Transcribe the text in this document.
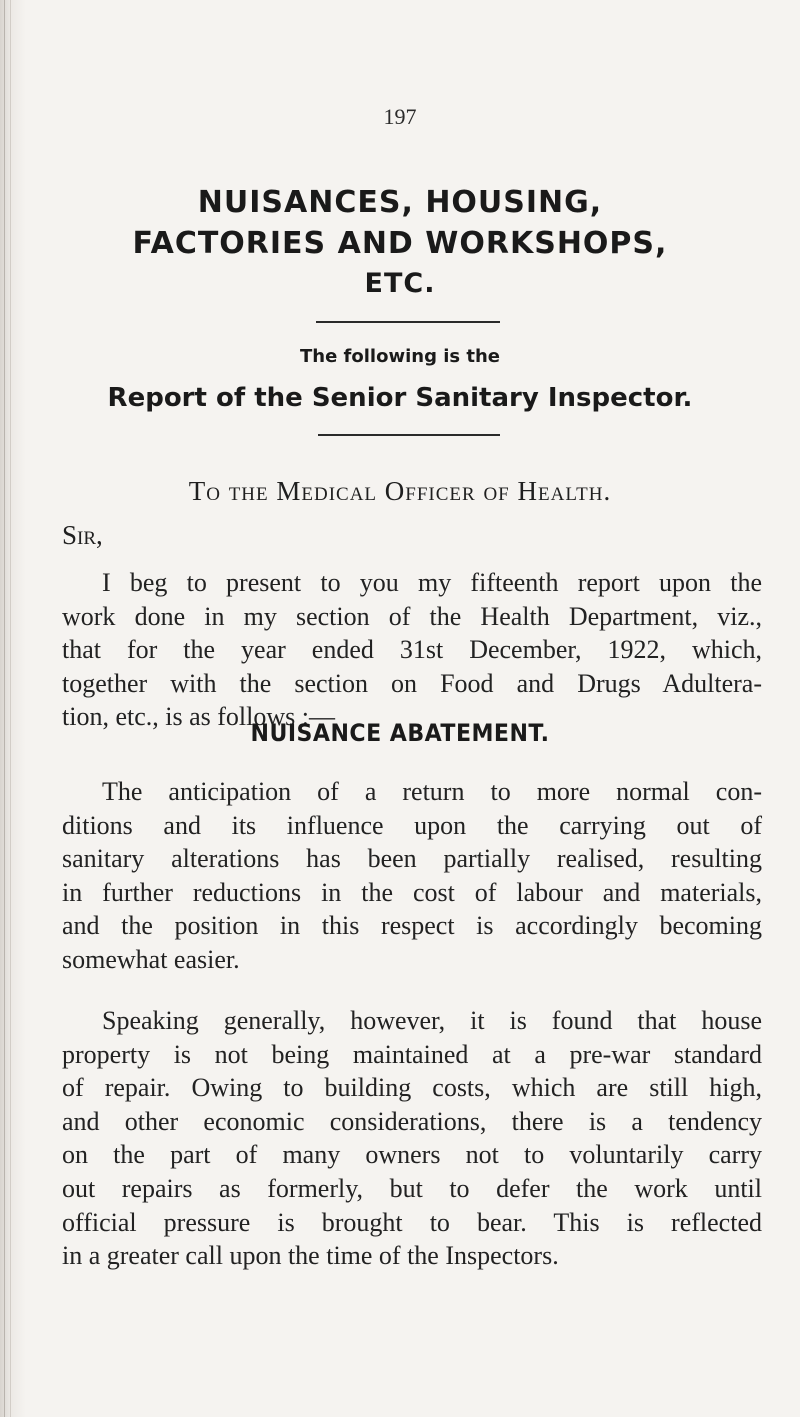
197
NUISANCES, HOUSING,
FACTORIES AND WORKSHOPS,
ETC.
The following is the
Report of the Senior Sanitary Inspector.
To the Medical Officer of Health.
Sir,
I beg to present to you my fifteenth report upon the
work done in my section of the Health Department, viz.,
that for the year ended 31st December, 1922, which,
together with the section on Food and Drugs Adultera-
tion, etc., is as follows :—
NUISANCE ABATEMENT.
The anticipation of a return to more normal con-
ditions and its influence upon the carrying out of
sanitary alterations has been partially realised, resulting
in further reductions in the cost of labour and materials,
and the position in this respect is accordingly becoming
somewhat easier.
Speaking generally, however, it is found that house
property is not being maintained at a pre-war standard
of repair. Owing to building costs, which are still high,
and other economic considerations, there is a tendency
on the part of many owners not to voluntarily carry
out repairs as formerly, but to defer the work until
official pressure is brought to bear. This is reflected
in a greater call upon the time of the Inspectors.
